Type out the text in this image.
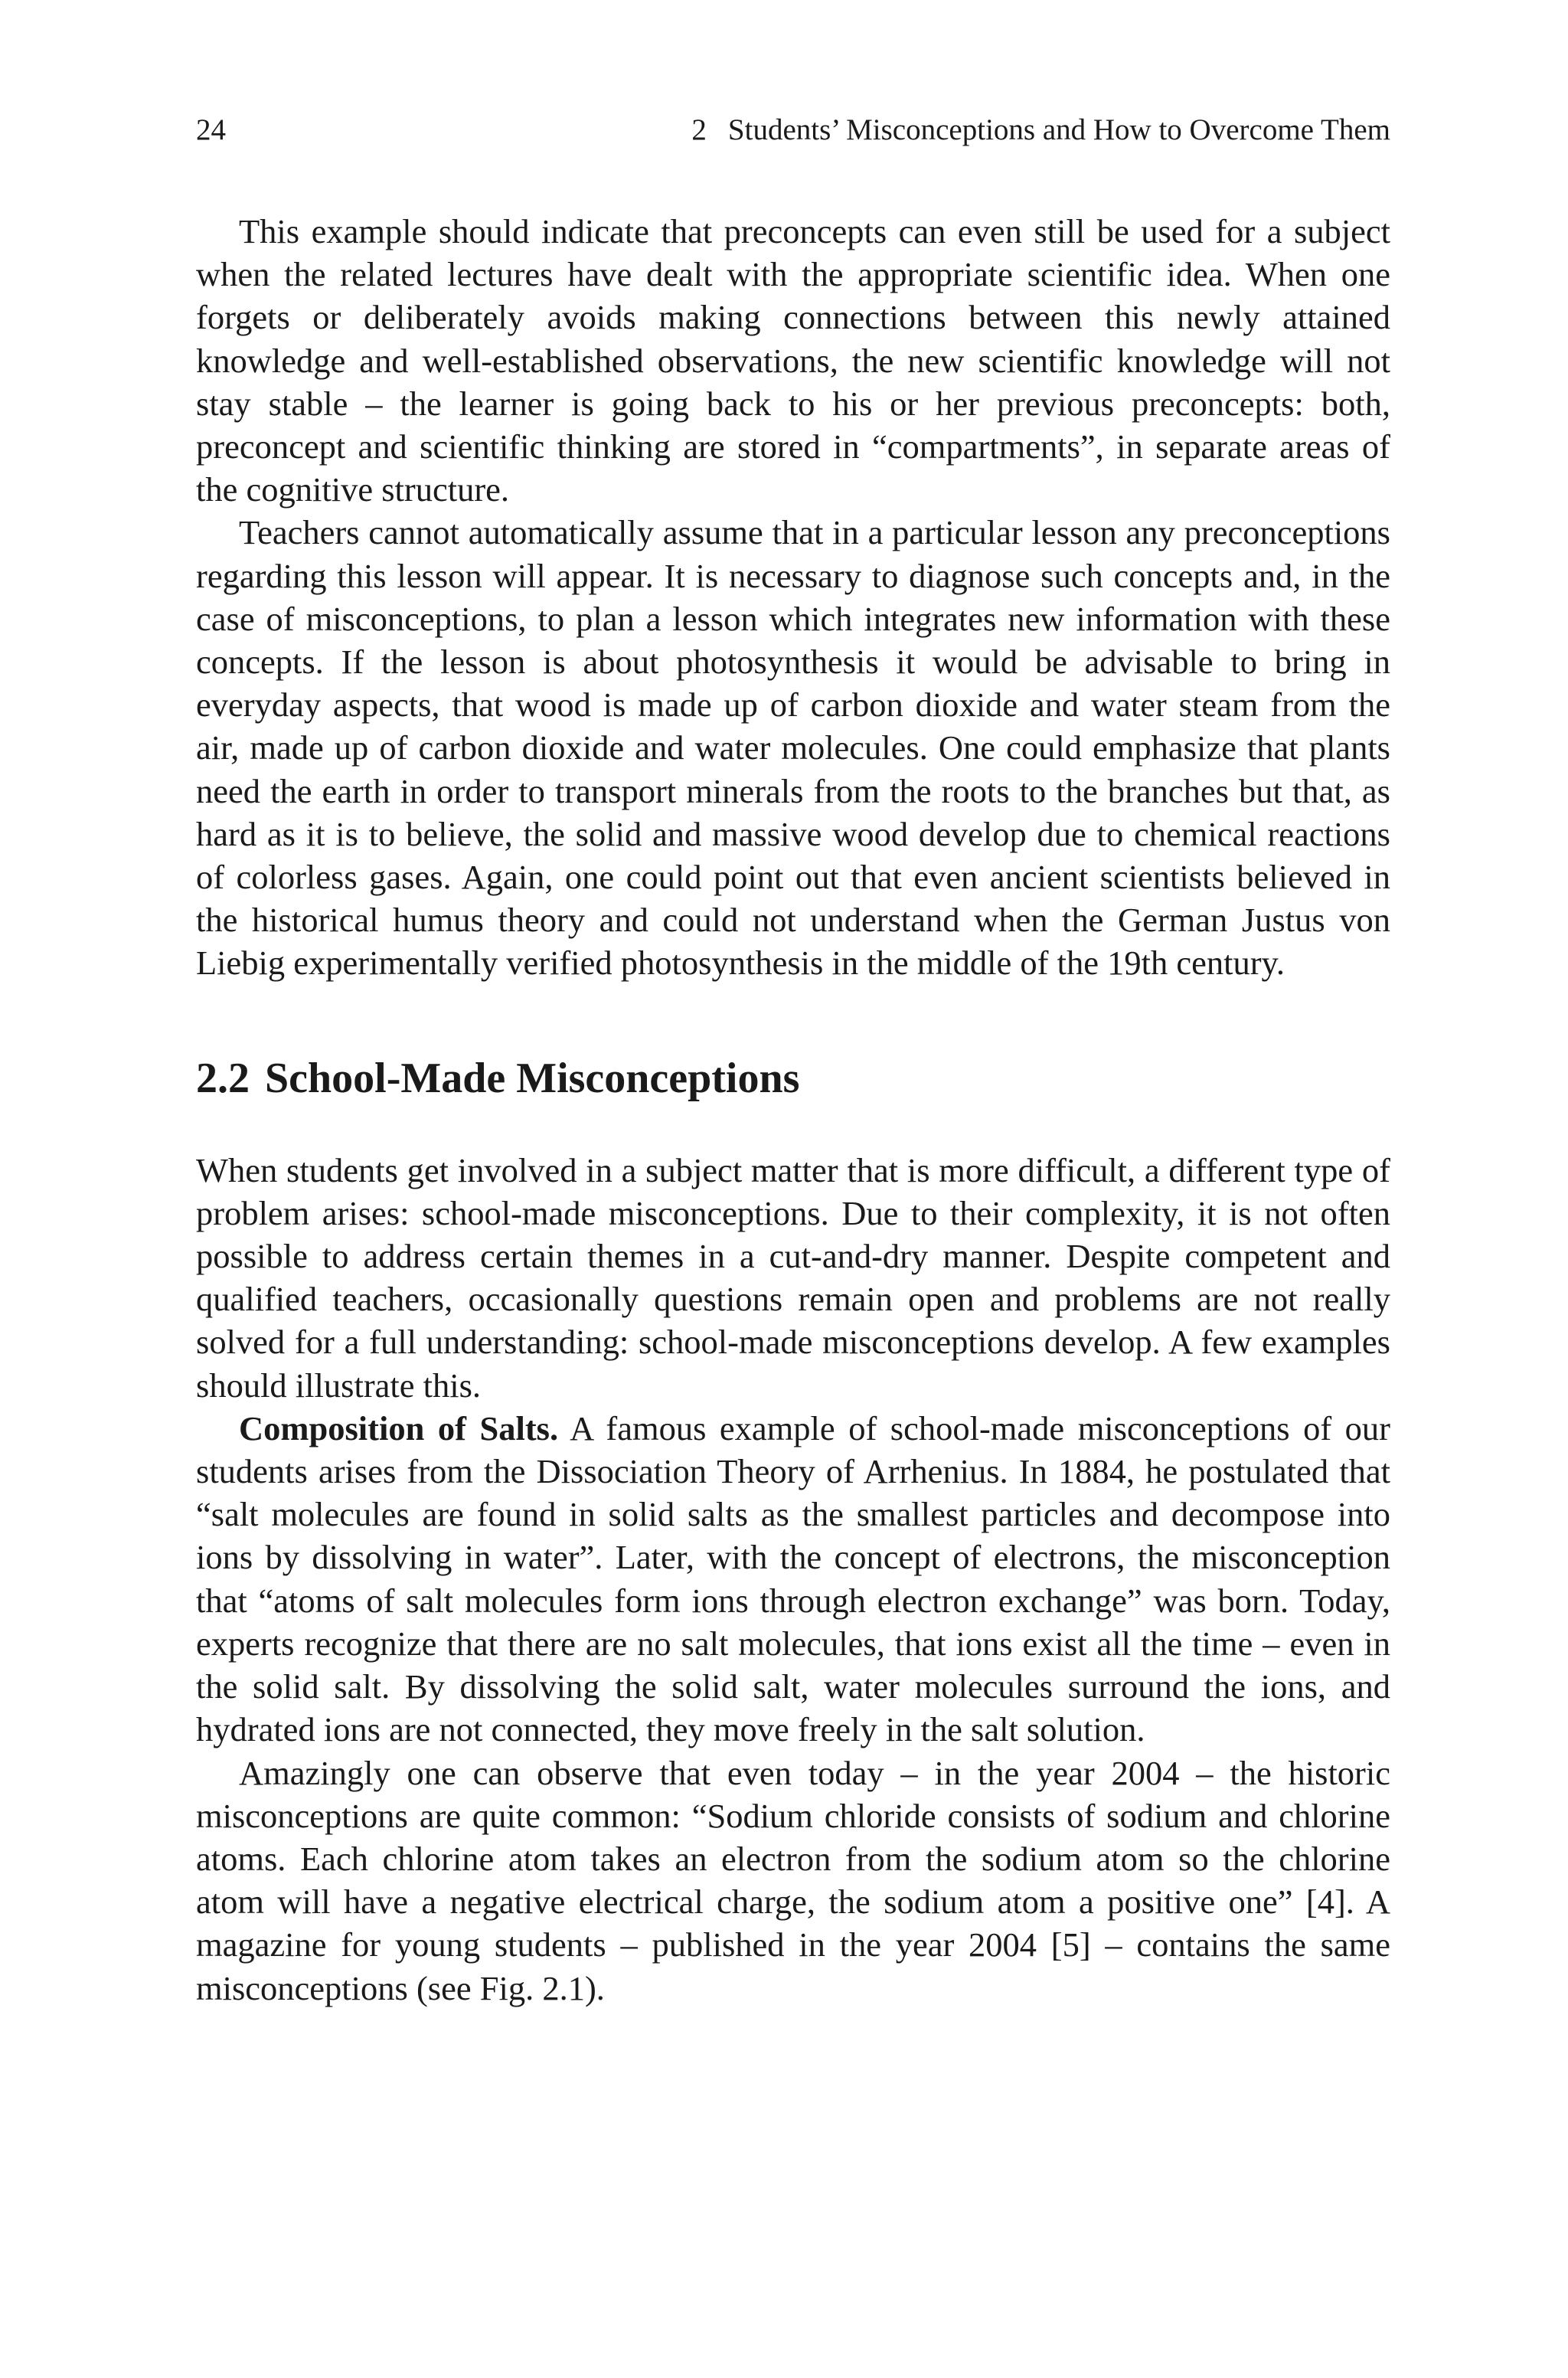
24	2 Students’ Misconceptions and How to Overcome Them

This example should indicate that preconcepts can even still be used for a subject when the related lectures have dealt with the appropriate scientific idea. When one forgets or deliberately avoids making connections between this newly attained knowledge and well-established observations, the new scientific knowledge will not stay stable – the learner is going back to his or her previous preconcepts: both, preconcept and scientific thinking are stored in “compartments”, in separate areas of the cognitive structure.

Teachers cannot automatically assume that in a particular lesson any preconceptions regarding this lesson will appear. It is necessary to diagnose such concepts and, in the case of misconceptions, to plan a lesson which integrates new information with these concepts. If the lesson is about photosynthesis it would be advisable to bring in everyday aspects, that wood is made up of carbon dioxide and water steam from the air, made up of carbon dioxide and water molecules. One could emphasize that plants need the earth in order to transport minerals from the roots to the branches but that, as hard as it is to believe, the solid and massive wood develop due to chemical reactions of colorless gases. Again, one could point out that even ancient scientists believed in the historical humus theory and could not understand when the German Justus von Liebig experimentally verified photosynthesis in the middle of the 19th century.

2.2 School-Made Misconceptions

When students get involved in a subject matter that is more difficult, a different type of problem arises: school-made misconceptions. Due to their complexity, it is not often possible to address certain themes in a cut-and-dry manner. Despite competent and qualified teachers, occasionally questions remain open and problems are not really solved for a full understanding: school-made misconceptions develop. A few examples should illustrate this.

Composition of Salts. A famous example of school-made misconceptions of our students arises from the Dissociation Theory of Arrhenius. In 1884, he postulated that “salt molecules are found in solid salts as the smallest particles and decompose into ions by dissolving in water”. Later, with the concept of electrons, the misconception that “atoms of salt molecules form ions through electron exchange” was born. Today, experts recognize that there are no salt molecules, that ions exist all the time – even in the solid salt. By dissolving the solid salt, water molecules surround the ions, and hydrated ions are not connected, they move freely in the salt solution.

Amazingly one can observe that even today – in the year 2004 – the historic misconceptions are quite common: “Sodium chloride consists of sodium and chlorine atoms. Each chlorine atom takes an electron from the sodium atom so the chlorine atom will have a negative electrical charge, the sodium atom a positive one” [4]. A magazine for young students – published in the year 2004 [5] – contains the same misconceptions (see Fig. 2.1).
